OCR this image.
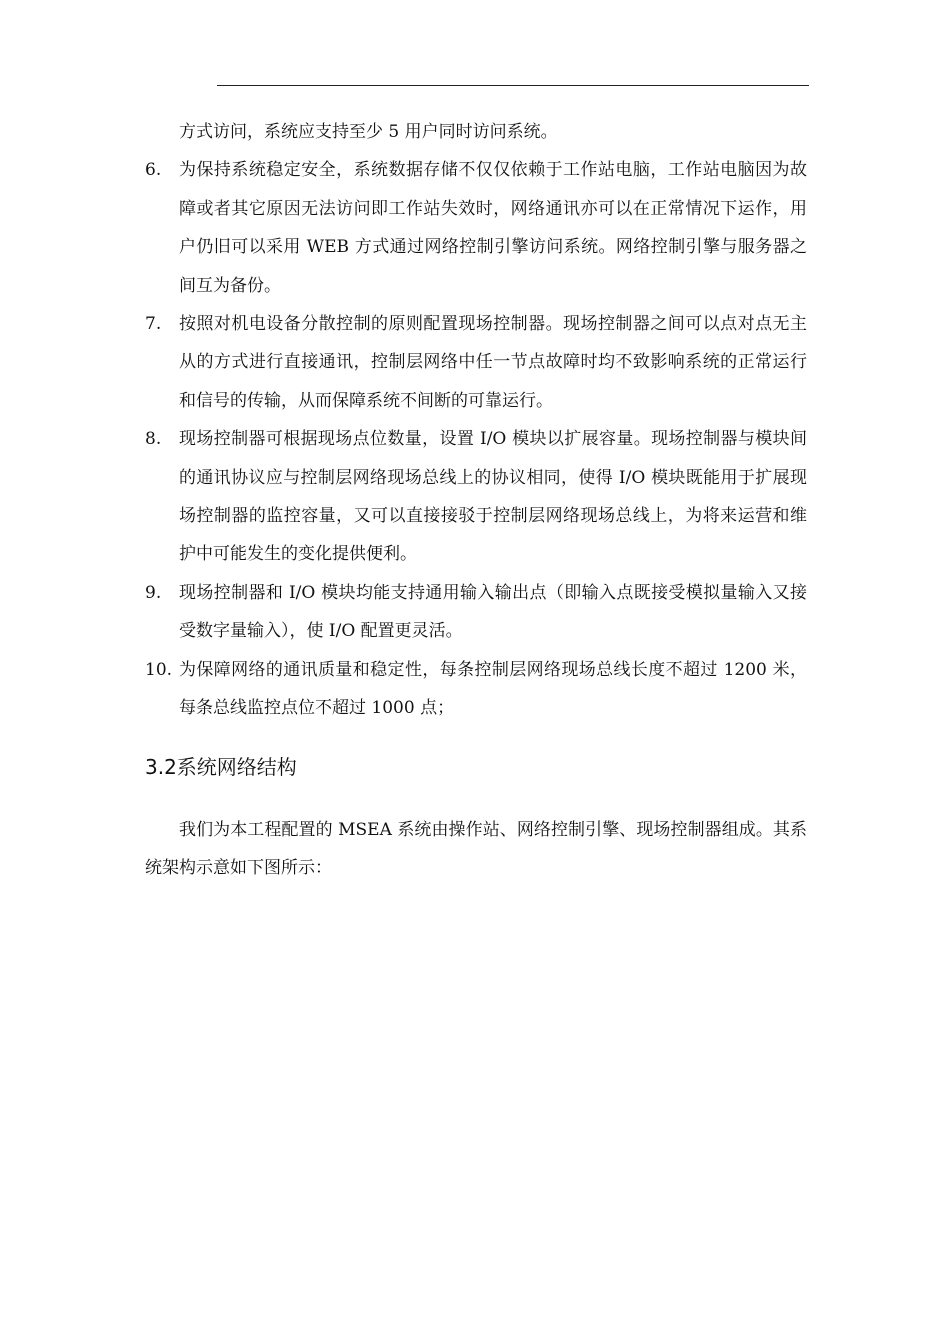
方式访问，系统应支持至少 5 用户同时访问系统。

6. 为保持系统稳定安全，系统数据存储不仅仅依赖于工作站电脑，工作站电脑因为故障或者其它原因无法访问即工作站失效时，网络通讯亦可以在正常情况下运作，用户仍旧可以采用 WEB 方式通过网络控制引擎访问系统。网络控制引擎与服务器之间互为备份。
7. 按照对机电设备分散控制的原则配置现场控制器。现场控制器之间可以点对点无主从的方式进行直接通讯，控制层网络中任一节点故障时均不致影响系统的正常运行和信号的传输，从而保障系统不间断的可靠运行。
8. 现场控制器可根据现场点位数量，设置 I/O 模块以扩展容量。现场控制器与模块间的通讯协议应与控制层网络现场总线上的协议相同，使得 I/O 模块既能用于扩展现场控制器的监控容量，又可以直接接驳于控制层网络现场总线上，为将来运营和维护中可能发生的变化提供便利。
9. 现场控制器和 I/O 模块均能支持通用输入输出点（即输入点既接受模拟量输入又接受数字量输入），使 I/O 配置更灵活。
10. 为保障网络的通讯质量和稳定性，每条控制层网络现场总线长度不超过 1200 米，每条总线监控点位不超过 1000 点；
3.2系统网络结构

我们为本工程配置的 MSEA 系统由操作站、网络控制引擎、现场控制器组成。其系统架构示意如下图所示：
